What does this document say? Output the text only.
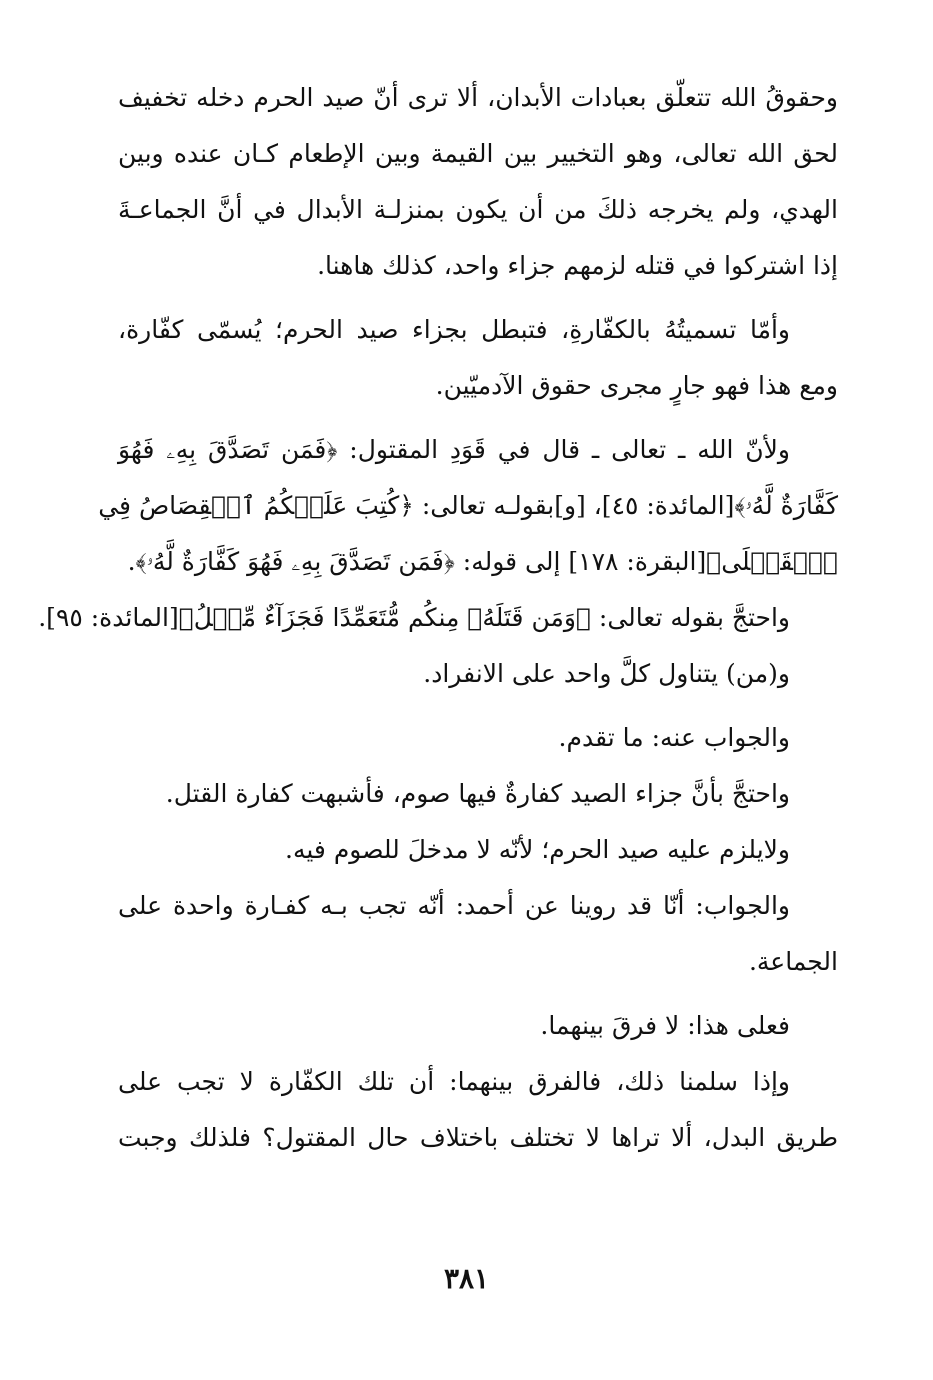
وحقوقُ الله تتعلّق بعبادات الأبدان، ألا ترى أنّ صيد الحرم دخله تخفيف
لحق الله تعالى، وهو التخيير بين القيمة وبين الإطعام كـان عنده وبين
الهدي، ولم يخرجه ذلكَ من أن يكون بمنزلـة الأبدال في أنَّ الجماعـةَ
إذا اشتركوا في قتله لزمهم جزاء واحد، كذلك هاهنا.
وأمّا تسميتُهُ بالكفّارةِ، فتبطل بجزاء صيد الحرم؛ يُسمّى كفّارة،
ومع هذا فهو جارٍ مجرى حقوق الآدميّين.
ولأنّ الله ـ تعالى ـ قال في قَوَدِ المقتول: ﴿فَمَن تَصَدَّقَ بِهِۦ فَهُوَ
كَفَّارَةٌ لَّهُۥ﴾[المائدة: ٤٥]، [و]بقولـه تعالى: ﴿كُتِبَ عَلَيۡكُمُ ٱلۡقِصَاصُ فِي
ٱلۡقَتۡلَى﴾[البقرة: ١٧٨] إلى قوله: ﴿فَمَن تَصَدَّقَ بِهِۦ فَهُوَ كَفَّارَةٌ لَّهُۥ﴾.
واحتجَّ بقوله تعالى: ﴿وَمَن قَتَلَهُۥ مِنكُم مُّتَعَمِّدًا فَجَزَآءٌ مِّثۡلُ﴾[المائدة: ٩٥].
و(من) يتناول كلَّ واحد على الانفراد.
والجواب عنه: ما تقدم.
واحتجَّ بأنَّ جزاء الصيد كفارةٌ فيها صوم، فأشبهت كفارة القتل.
ولايلزم عليه صيد الحرم؛ لأنّه لا مدخلَ للصوم فيه.
والجواب: أنّا قد روينا عن أحمد: أنّه تجب بـه كفـارة واحدة على
الجماعة.
فعلى هذا: لا فرقَ بينهما.
وإذا سلمنا ذلك، فالفرق بينهما: أن تلك الكفّارة لا تجب على
طريق البدل، ألا تراها لا تختلف باختلاف حال المقتول؟ فلذلك وجبت
٣٨١
